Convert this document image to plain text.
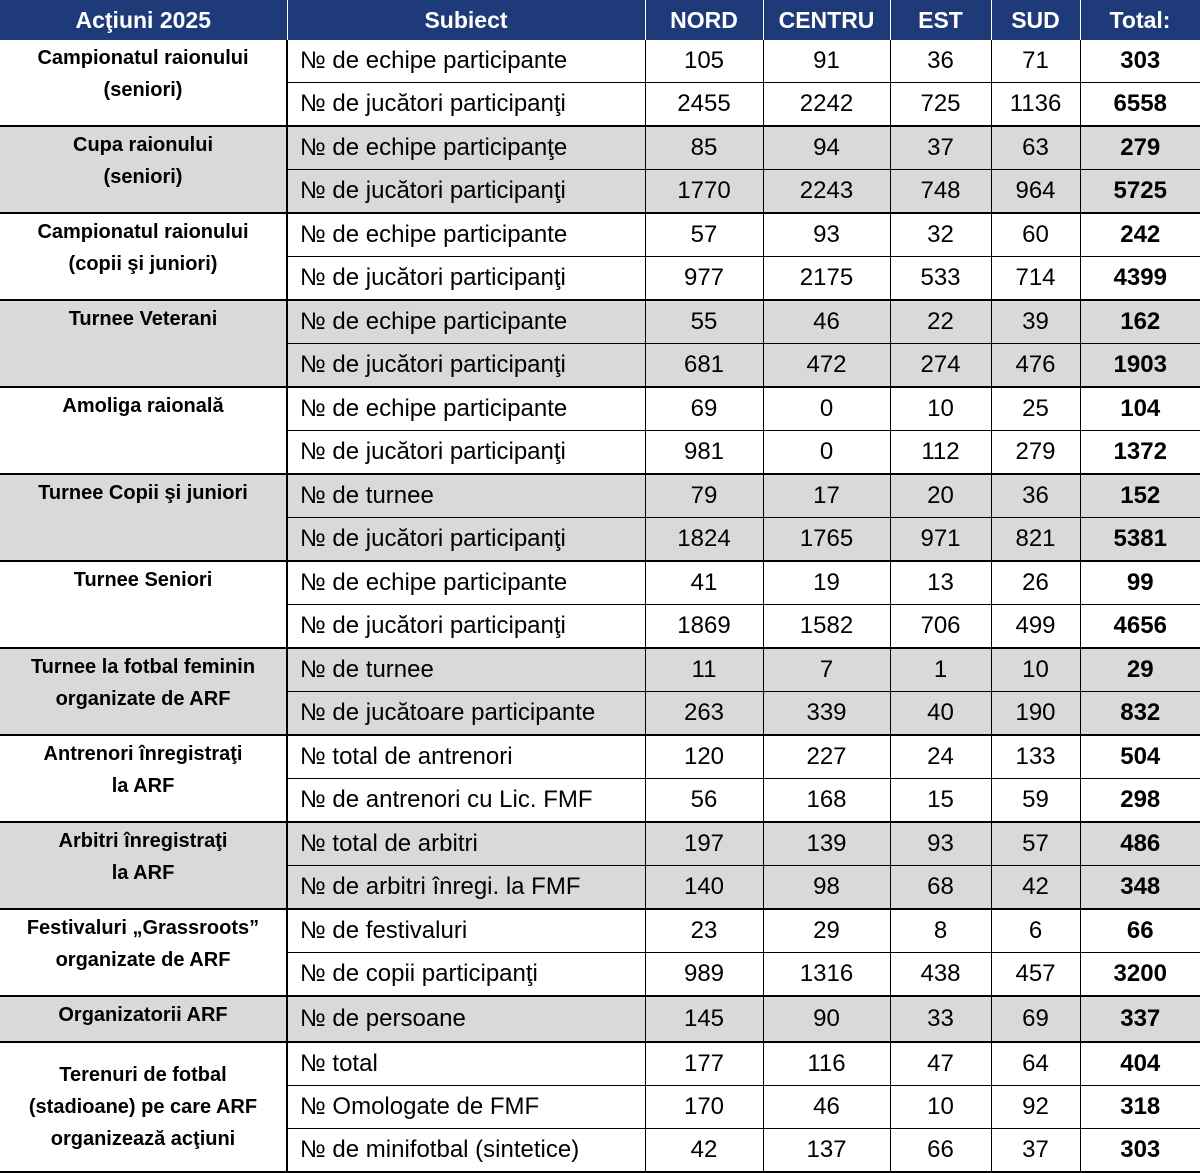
Acţiuni 2025	Subiect	NORD	CENTRU	EST	SUD	Total:

Campionatul raionului
(seniori)	№ de echipe participante	105	91	36	71	303
	№ de jucători participanţi	2455	2242	725	1136	6558

Cupa raionului
(seniori)	№ de echipe participanţe	85	94	37	63	279
	№ de jucători participanţi	1770	2243	748	964	5725

Campionatul raionului
(copii şi juniori)	№ de echipe participante	57	93	32	60	242
	№ de jucători participanţi	977	2175	533	714	4399

Turnee Veterani	№ de echipe participante	55	46	22	39	162
	№ de jucători participanţi	681	472	274	476	1903

Amoliga raională	№ de echipe participante	69	0	10	25	104
	№ de jucători participanţi	981	0	112	279	1372

Turnee Copii şi juniori	№ de turnee	79	17	20	36	152
	№ de jucători participanţi	1824	1765	971	821	5381

Turnee Seniori	№ de echipe participante	41	19	13	26	99
	№ de jucători participanţi	1869	1582	706	499	4656

Turnee la fotbal feminin
organizate de ARF	№ de turnee	11	7	1	10	29
	№ de jucătoare participante	263	339	40	190	832

Antrenori înregistraţi
la ARF	№ total de antrenori	120	227	24	133	504
	№ de antrenori cu Lic. FMF	56	168	15	59	298

Arbitri înregistraţi
la ARF	№ total de arbitri	197	139	93	57	486
	№ de arbitri înregi. la FMF	140	98	68	42	348

Festivaluri „Grassroots”
organizate de ARF	№ de festivaluri	23	29	8	6	66
	№ de copii participanţi	989	1316	438	457	3200

Organizatorii ARF	№ de persoane	145	90	33	69	337

Terenuri de fotbal
(stadioane) pe care ARF
organizează acţiuni	№ total	177	116	47	64	404
	№ Omologate de FMF	170	46	10	92	318
	№ de minifotbal (sintetice)	42	137	66	37	303
